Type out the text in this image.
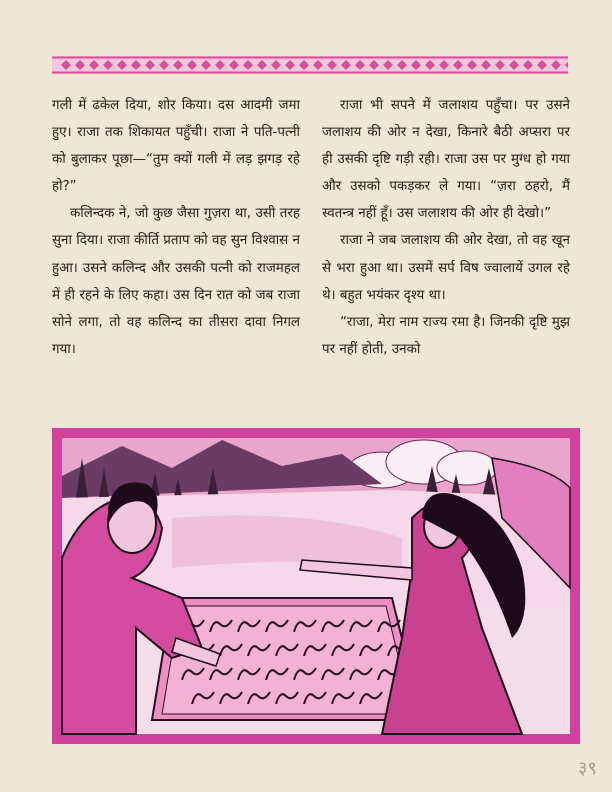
गली में ढकेल दिया, शोर किया। दस आदमी जमा हुए। राजा तक शिकायत पहुँची। राजा ने पति-पत्नी को बुलाकर पूछा—“तुम क्यों गली में लड़ झगड़ रहे हो?”

कलिन्दक ने, जो कुछ जैसा गुज़रा था, उसी तरह सुना दिया। राजा कीर्ति प्रताप को वह सुन विश्वास न हुआ। उसने कलिन्द और उसकी पत्नी को राजमहल में ही रहने के लिए कहा। उस दिन रात को जब राजा सोने लगा, तो वह कलिन्द का तीसरा दावा निगल गया।

राजा भी सपने में जलाशय पहुँचा। पर उसने जलाशय की ओर न देखा, किनारे बैठी अप्सरा पर ही उसकी दृष्टि गड़ी रही। राजा उस पर मुग्ध हो गया और उसको पकड़कर ले गया। “ज़रा ठहरो, मैं स्वतन्त्र नहीं हूँ। उस जलाशय की ओर ही देखो।”

राजा ने जब जलाशय की ओर देखा, तो वह खून से भरा हुआ था। उसमें सर्प विष ज्वालायें उगल रहे थे। बहुत भयंकर दृश्य था।

“राजा, मेरा नाम राज्य रमा है। जिनकी दृष्टि मुझ पर नहीं होती, उनको

३९
